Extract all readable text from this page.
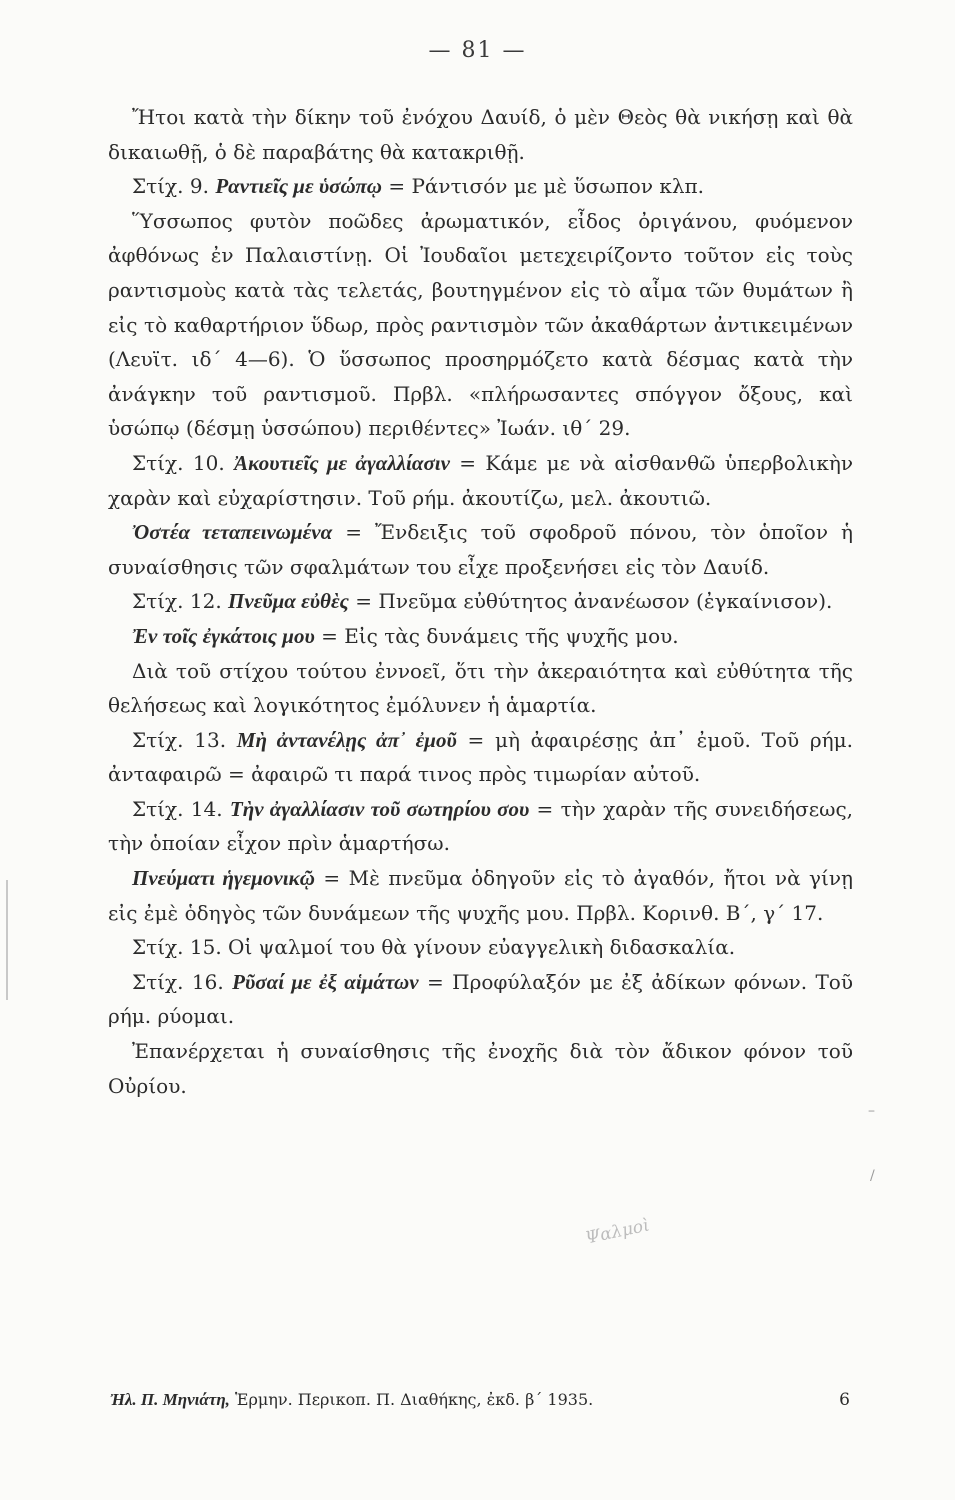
— 81 —

Ἤτοι κατὰ τὴν δίκην τοῦ ἐνόχου Δαυίδ, ὁ μὲν Θεὸς θὰ νικήσῃ καὶ θὰ δικαιωθῇ, ὁ δὲ παραβάτης θὰ κατακριθῇ.

Στίχ. 9. Ραντιεῖς με ὑσώπῳ = Ράντισόν με μὲ ὕσωπον κλπ.

Ὕσσωπος φυτὸν ποῶδες ἀρωματικόν, εἶδος ὀριγάνου, φυόμενον ἀφθόνως ἐν Παλαιστίνῃ. Οἱ Ἰουδαῖοι μετεχειρίζοντο τοῦτον εἰς τοὺς ραντισμοὺς κατὰ τὰς τελετάς, βουτηγμένον εἰς τὸ αἷμα τῶν θυμάτων ἢ εἰς τὸ καθαρτήριον ὕδωρ, πρὸς ραντισμὸν τῶν ἀκαθάρτων ἀντικειμένων (Λευϊτ. ιδ΄ 4—6). Ὁ ὕσσωπος προσηρμόζετο κατὰ δέσμας κατὰ τὴν ἀνάγκην τοῦ ραντισμοῦ. Πρβλ. «πλήρωσαντες σπόγγον ὄξους, καὶ ὑσώπῳ (δέσμῃ ὑσσώπου) περιθέντες» Ἰωάν. ιθ΄ 29.

Στίχ. 10. Ἀκουτιεῖς με ἀγαλλίασιν = Κάμε με νὰ αἰσθανθῶ ὑπερβολικὴν χαρὰν καὶ εὐχαρίστησιν. Τοῦ ρήμ. ἀκουτίζω, μελ. ἀκουτιῶ.

Ὀστέα τεταπεινωμένα = Ἔνδειξις τοῦ σφοδροῦ πόνου, τὸν ὁποῖον ἡ συναίσθησις τῶν σφαλμάτων του εἶχε προξενήσει εἰς τὸν Δαυίδ.

Στίχ. 12. Πνεῦμα εὐθὲς = Πνεῦμα εὐθύτητος ἀνανέωσον (ἐγκαίνισον).

Ἐν τοῖς ἐγκάτοις μου = Εἰς τὰς δυνάμεις τῆς ψυχῆς μου.

Διὰ τοῦ στίχου τούτου ἐννοεῖ, ὅτι τὴν ἀκεραιότητα καὶ εὐθύτητα τῆς θελήσεως καὶ λογικότητος ἐμόλυνεν ἡ ἁμαρτία.

Στίχ. 13. Μὴ ἀντανέλῃς ἀπ᾿ ἐμοῦ = μὴ ἀφαιρέσῃς ἀπ᾿ ἐμοῦ. Τοῦ ρήμ. ἀνταφαιρῶ = ἀφαιρῶ τι παρά τινος πρὸς τιμωρίαν αὐτοῦ.

Στίχ. 14. Τὴν ἀγαλλίασιν τοῦ σωτηρίου σου = τὴν χαρὰν τῆς συνειδήσεως, τὴν ὁποίαν εἶχον πρὶν ἁμαρτήσω.

Πνεύματι ἡγεμονικῷ = Μὲ πνεῦμα ὁδηγοῦν εἰς τὸ ἀγαθόν, ἤτοι νὰ γίνῃ εἰς ἐμὲ ὁδηγὸς τῶν δυνάμεων τῆς ψυχῆς μου. Πρβλ. Κορινθ. Β΄, γ΄ 17.

Στίχ. 15. Οἱ ψαλμοί του θὰ γίνουν εὐαγγελικὴ διδασκαλία.

Στίχ. 16. Ρῦσαί με ἐξ αἱμάτων = Προφύλαξόν με ἐξ ἀδίκων φόνων. Τοῦ ρήμ. ρύομαι.

Ἐπανέρχεται ἡ συναίσθησις τῆς ἐνοχῆς διὰ τὸν ἄδικον φόνον τοῦ Οὐρίου.

Ψαλμοὶ
–
/
Ἠλ. Π. Μηνιάτη, Ἑρμην. Περικοπ. Π. Διαθήκης, ἐκδ. β΄ 1935.	6
